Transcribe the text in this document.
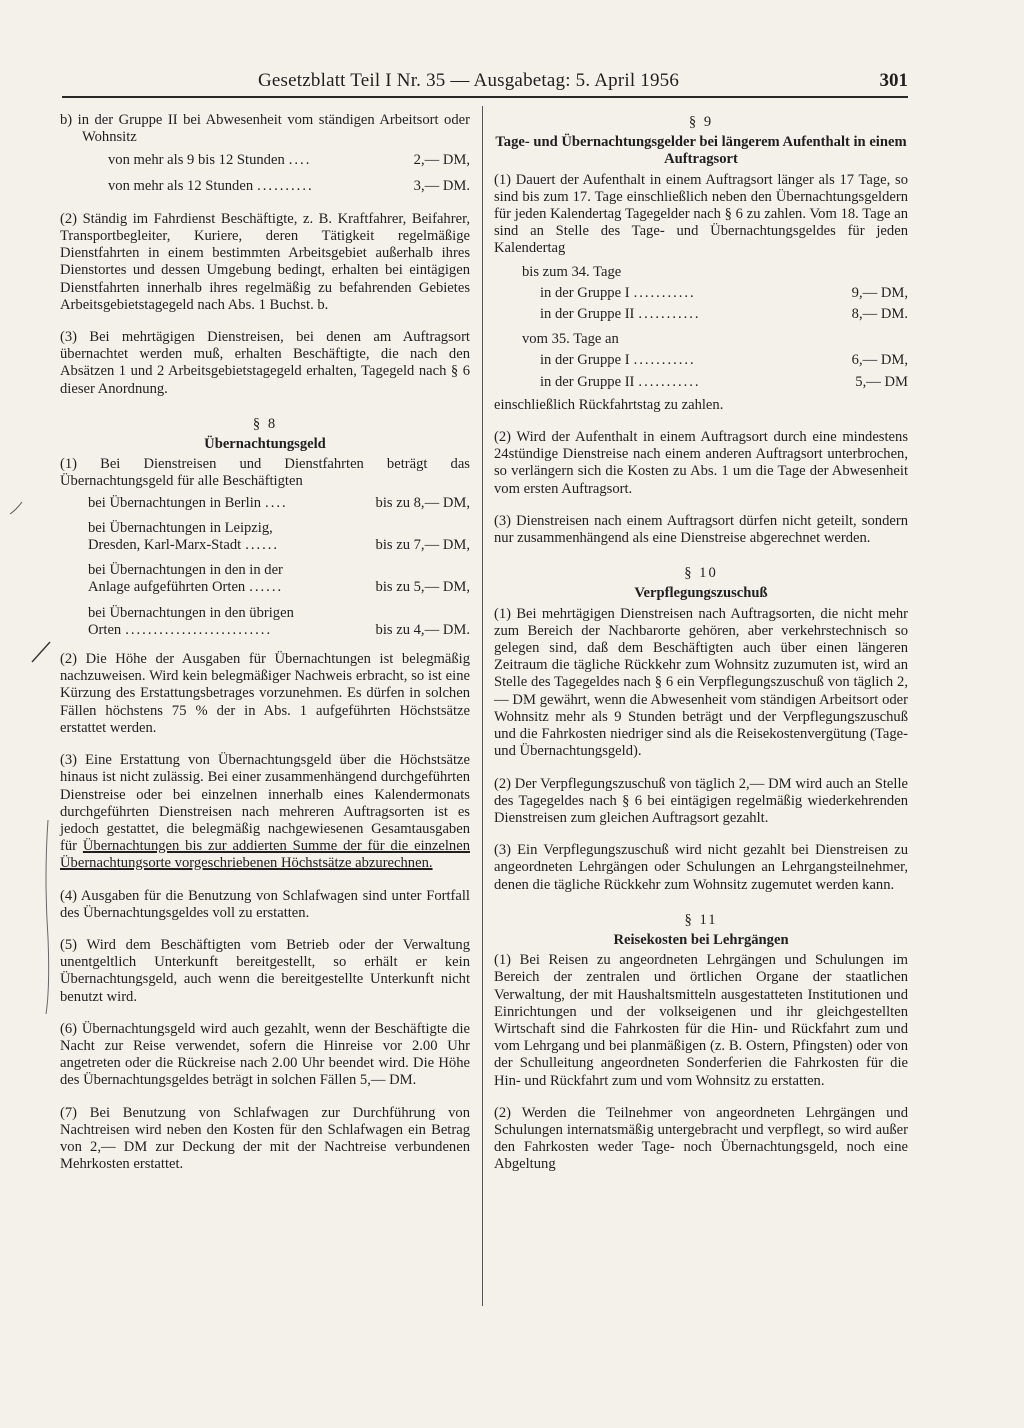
Gesetzblatt Teil I Nr. 35 — Ausgabetag: 5. April 1956	301

b) in der Gruppe II bei Abwesenheit vom ständigen Arbeitsort oder Wohnsitz

von mehr als 9 bis 12 Stunden ....	2,— DM,
von mehr als 12 Stunden ..........	3,— DM.

(2) Ständig im Fahrdienst Beschäftigte, z. B. Kraftfahrer, Beifahrer, Transportbegleiter, Kuriere, deren Tätigkeit regelmäßige Dienstfahrten in einem bestimmten Arbeitsgebiet außerhalb ihres Dienstortes und dessen Umgebung bedingt, erhalten bei eintägigen Dienstfahrten innerhalb ihres regelmäßig zu befahrenden Gebietes Arbeitsgebietstagegeld nach Abs. 1 Buchst. b.

(3) Bei mehrtägigen Dienstreisen, bei denen am Auftragsort übernachtet werden muß, erhalten Beschäftigte, die nach den Absätzen 1 und 2 Arbeitsgebietstagegeld erhalten, Tagegeld nach § 6 dieser Anordnung.

§ 8
Übernachtungsgeld

(1) Bei Dienstreisen und Dienstfahrten beträgt das Übernachtungsgeld für alle Beschäftigten

bei Übernachtungen in Berlin ....	bis zu 8,— DM,
bei Übernachtungen in Leipzig,
Dresden, Karl-Marx-Stadt ......	bis zu 7,— DM,
bei Übernachtungen in den in der
Anlage aufgeführten Orten ......	bis zu 5,— DM,
bei Übernachtungen in den übrigen
Orten ..........................	bis zu 4,— DM.

(2) Die Höhe der Ausgaben für Übernachtungen ist belegmäßig nachzuweisen. Wird kein belegmäßiger Nachweis erbracht, so ist eine Kürzung des Erstattungsbetrages vorzunehmen. Es dürfen in solchen Fällen höchstens 75 % der in Abs. 1 aufgeführten Höchstsätze erstattet werden.

(3) Eine Erstattung von Übernachtungsgeld über die Höchstsätze hinaus ist nicht zulässig. Bei einer zusammenhängend durchgeführten Dienstreise oder bei einzelnen innerhalb eines Kalendermonats durchgeführten Dienstreisen nach mehreren Auftragsorten ist es jedoch gestattet, die belegmäßig nachgewiesenen Gesamtausgaben für Übernachtungen bis zur addierten Summe der für die einzelnen Übernachtungsorte vorgeschriebenen Höchstsätze abzurechnen.

(4) Ausgaben für die Benutzung von Schlafwagen sind unter Fortfall des Übernachtungsgeldes voll zu erstatten.

(5) Wird dem Beschäftigten vom Betrieb oder der Verwaltung unentgeltlich Unterkunft bereitgestellt, so erhält er kein Übernachtungsgeld, auch wenn die bereitgestellte Unterkunft nicht benutzt wird.

(6) Übernachtungsgeld wird auch gezahlt, wenn der Beschäftigte die Nacht zur Reise verwendet, sofern die Hinreise vor 2.00 Uhr angetreten oder die Rückreise nach 2.00 Uhr beendet wird. Die Höhe des Übernachtungsgeldes beträgt in solchen Fällen 5,— DM.

(7) Bei Benutzung von Schlafwagen zur Durchführung von Nachtreisen wird neben den Kosten für den Schlafwagen ein Betrag von 2,— DM zur Deckung der mit der Nachtreise verbundenen Mehrkosten erstattet.

§ 9
Tage- und Übernachtungsgelder bei längerem Aufenthalt in einem Auftragsort

(1) Dauert der Aufenthalt in einem Auftragsort länger als 17 Tage, so sind bis zum 17. Tage einschließlich neben den Übernachtungsgeldern für jeden Kalendertag Tagegelder nach § 6 zu zahlen. Vom 18. Tage an sind an Stelle des Tage- und Übernachtungsgeldes für jeden Kalendertag

bis zum 34. Tage
in der Gruppe I ...........	9,— DM,
in der Gruppe II ...........	8,— DM.
vom 35. Tage an
in der Gruppe I ...........	6,— DM,
in der Gruppe II ...........	5,— DM

einschließlich Rückfahrtstag zu zahlen.

(2) Wird der Aufenthalt in einem Auftragsort durch eine mindestens 24stündige Dienstreise nach einem anderen Auftragsort unterbrochen, so verlängern sich die Kosten zu Abs. 1 um die Tage der Abwesenheit vom ersten Auftragsort.

(3) Dienstreisen nach einem Auftragsort dürfen nicht geteilt, sondern nur zusammenhängend als eine Dienstreise abgerechnet werden.

§ 10
Verpflegungszuschuß

(1) Bei mehrtägigen Dienstreisen nach Auftragsorten, die nicht mehr zum Bereich der Nachbarorte gehören, aber verkehrstechnisch so gelegen sind, daß dem Beschäftigten auch über einen längeren Zeitraum die tägliche Rückkehr zum Wohnsitz zuzumuten ist, wird an Stelle des Tagegeldes nach § 6 ein Verpflegungszuschuß von täglich 2,— DM gewährt, wenn die Abwesenheit vom ständigen Arbeitsort oder Wohnsitz mehr als 9 Stunden beträgt und der Verpflegungszuschuß und die Fahrkosten niedriger sind als die Reisekostenvergütung (Tage- und Übernachtungsgeld).

(2) Der Verpflegungszuschuß von täglich 2,— DM wird auch an Stelle des Tagegeldes nach § 6 bei eintägigen regelmäßig wiederkehrenden Dienstreisen zum gleichen Auftragsort gezahlt.

(3) Ein Verpflegungszuschuß wird nicht gezahlt bei Dienstreisen zu angeordneten Lehrgängen oder Schulungen an Lehrgangsteilnehmer, denen die tägliche Rückkehr zum Wohnsitz zugemutet werden kann.

§ 11
Reisekosten bei Lehrgängen

(1) Bei Reisen zu angeordneten Lehrgängen und Schulungen im Bereich der zentralen und örtlichen Organe der staatlichen Verwaltung, der mit Haushaltsmitteln ausgestatteten Institutionen und Einrichtungen und der volkseigenen und ihr gleichgestellten Wirtschaft sind die Fahrkosten für die Hin- und Rückfahrt zum und vom Lehrgang und bei planmäßigen (z. B. Ostern, Pfingsten) oder von der Schulleitung angeordneten Sonderferien die Fahrkosten für die Hin- und Rückfahrt zum und vom Wohnsitz zu erstatten.

(2) Werden die Teilnehmer von angeordneten Lehrgängen und Schulungen internatsmäßig untergebracht und verpflegt, so wird außer den Fahrkosten weder Tage- noch Übernachtungsgeld, noch eine Abgeltung
